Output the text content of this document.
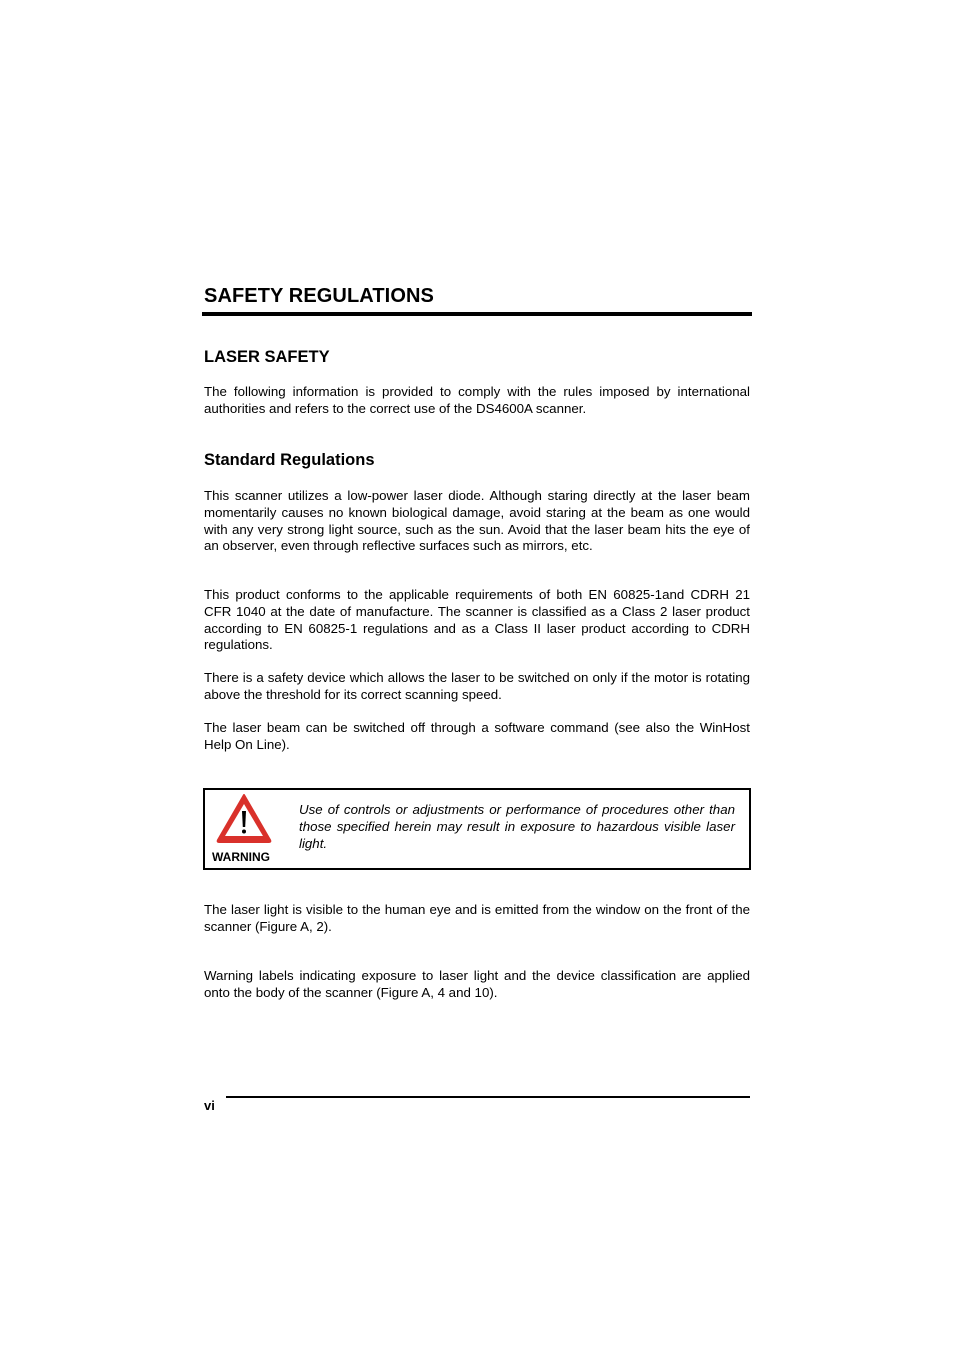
SAFETY REGULATIONS
LASER SAFETY
The following information is provided to comply with the rules imposed by international authorities and refers to the correct use of the DS4600A scanner.
Standard Regulations
This scanner utilizes a low-power laser diode. Although staring directly at the laser beam momentarily causes no known biological damage, avoid staring at the beam as one would with any very strong light source, such as the sun. Avoid that the laser beam hits the eye of an observer, even through reflective surfaces such as mirrors, etc.
This product conforms to the applicable requirements of both EN 60825-1and CDRH 21 CFR 1040 at the date of manufacture. The scanner is classified as a Class 2 laser product according to EN 60825-1 regulations and as a Class II laser product according to CDRH regulations.
There is a safety device which allows the laser to be switched on only if the motor is rotating above the threshold for its correct scanning speed.
The laser beam can be switched off through a software command (see also the WinHost Help On Line).
WARNING
Use of controls or adjustments or performance of procedures other than those specified herein may result in exposure to hazardous visible laser light.
The laser light is visible to the human eye and is emitted from the window on the front of the scanner (Figure A, 2).
Warning labels indicating exposure to laser light and the device classification are applied onto the body of the scanner (Figure A, 4 and 10).
vi
